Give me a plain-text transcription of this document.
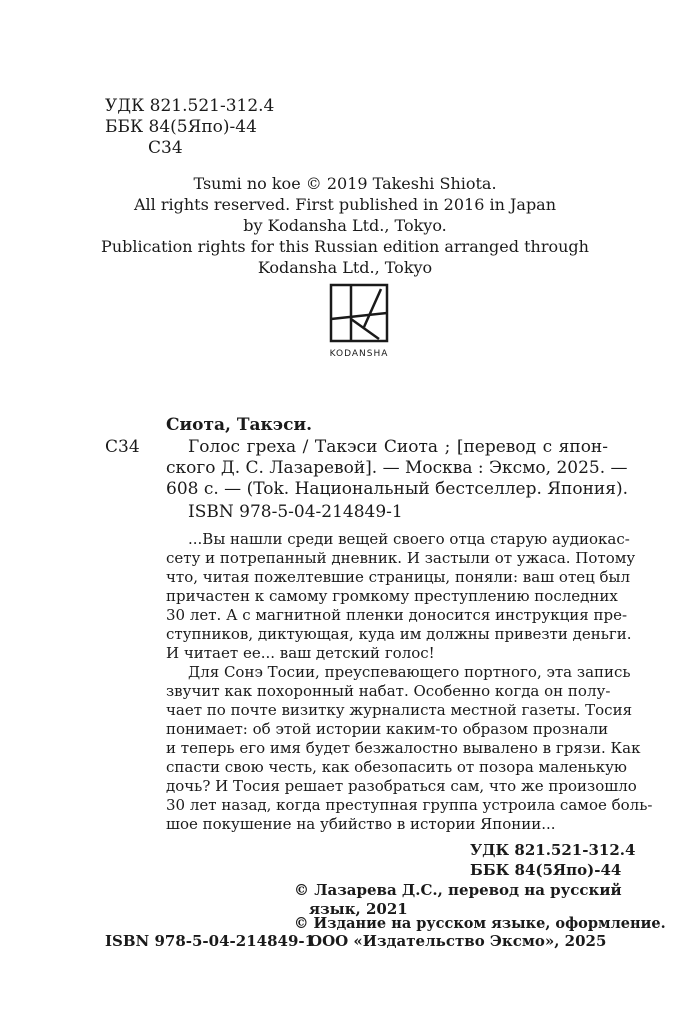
УДК 821.521-312.4
ББК 84(5Япо)-44
С34
Tsumi no koe © 2019 Takeshi Shiota.
All rights reserved. First published in 2016 in Japan
by Kodansha Ltd., Tokyo.
Publication rights for this Russian edition arranged through
Kodansha Ltd., Tokyo
KODANSHA
Сиота, Такэси.
С34	Голос греха / Такэси Сиота ; [перевод с япон-
ского Д. С. Лазаревой]. — Москва : Эксмо, 2025. —
608 с. — (Tok. Национальный бестселлер. Япония).
ISBN 978-5-04-214849-1
...Вы нашли среди вещей своего отца старую аудиокас-
сету и потрепанный дневник. И застыли от ужаса. Потому
что, читая пожелтевшие страницы, поняли: ваш отец был
причастен к самому громкому преступлению последних
30 лет. А с магнитной пленки доносится инструкция пре-
ступников, диктующая, куда им должны привезти деньги.
И читает ее... ваш детский голос!
Для Сонэ Тосии, преуспевающего портного, эта запись
звучит как похоронный набат. Особенно когда он полу-
чает по почте визитку журналиста местной газеты. Тосия
понимает: об этой истории каким-то образом прознали
и теперь его имя будет безжалостно вывалено в грязи. Как
спасти свою честь, как обезопасить от позора маленькую
дочь? И Тосия решает разобраться сам, что же произошло
30 лет назад, когда преступная группа устроила самое боль-
шое покушение на убийство в истории Японии...
УДК 821.521-312.4
ББК 84(5Япо)-44
ISBN 978-5-04-214849-1
© Лазарева Д.С., перевод на русский
язык, 2021
© Издание на русском языке, оформление.
ООО «Издательство Эксмо», 2025
